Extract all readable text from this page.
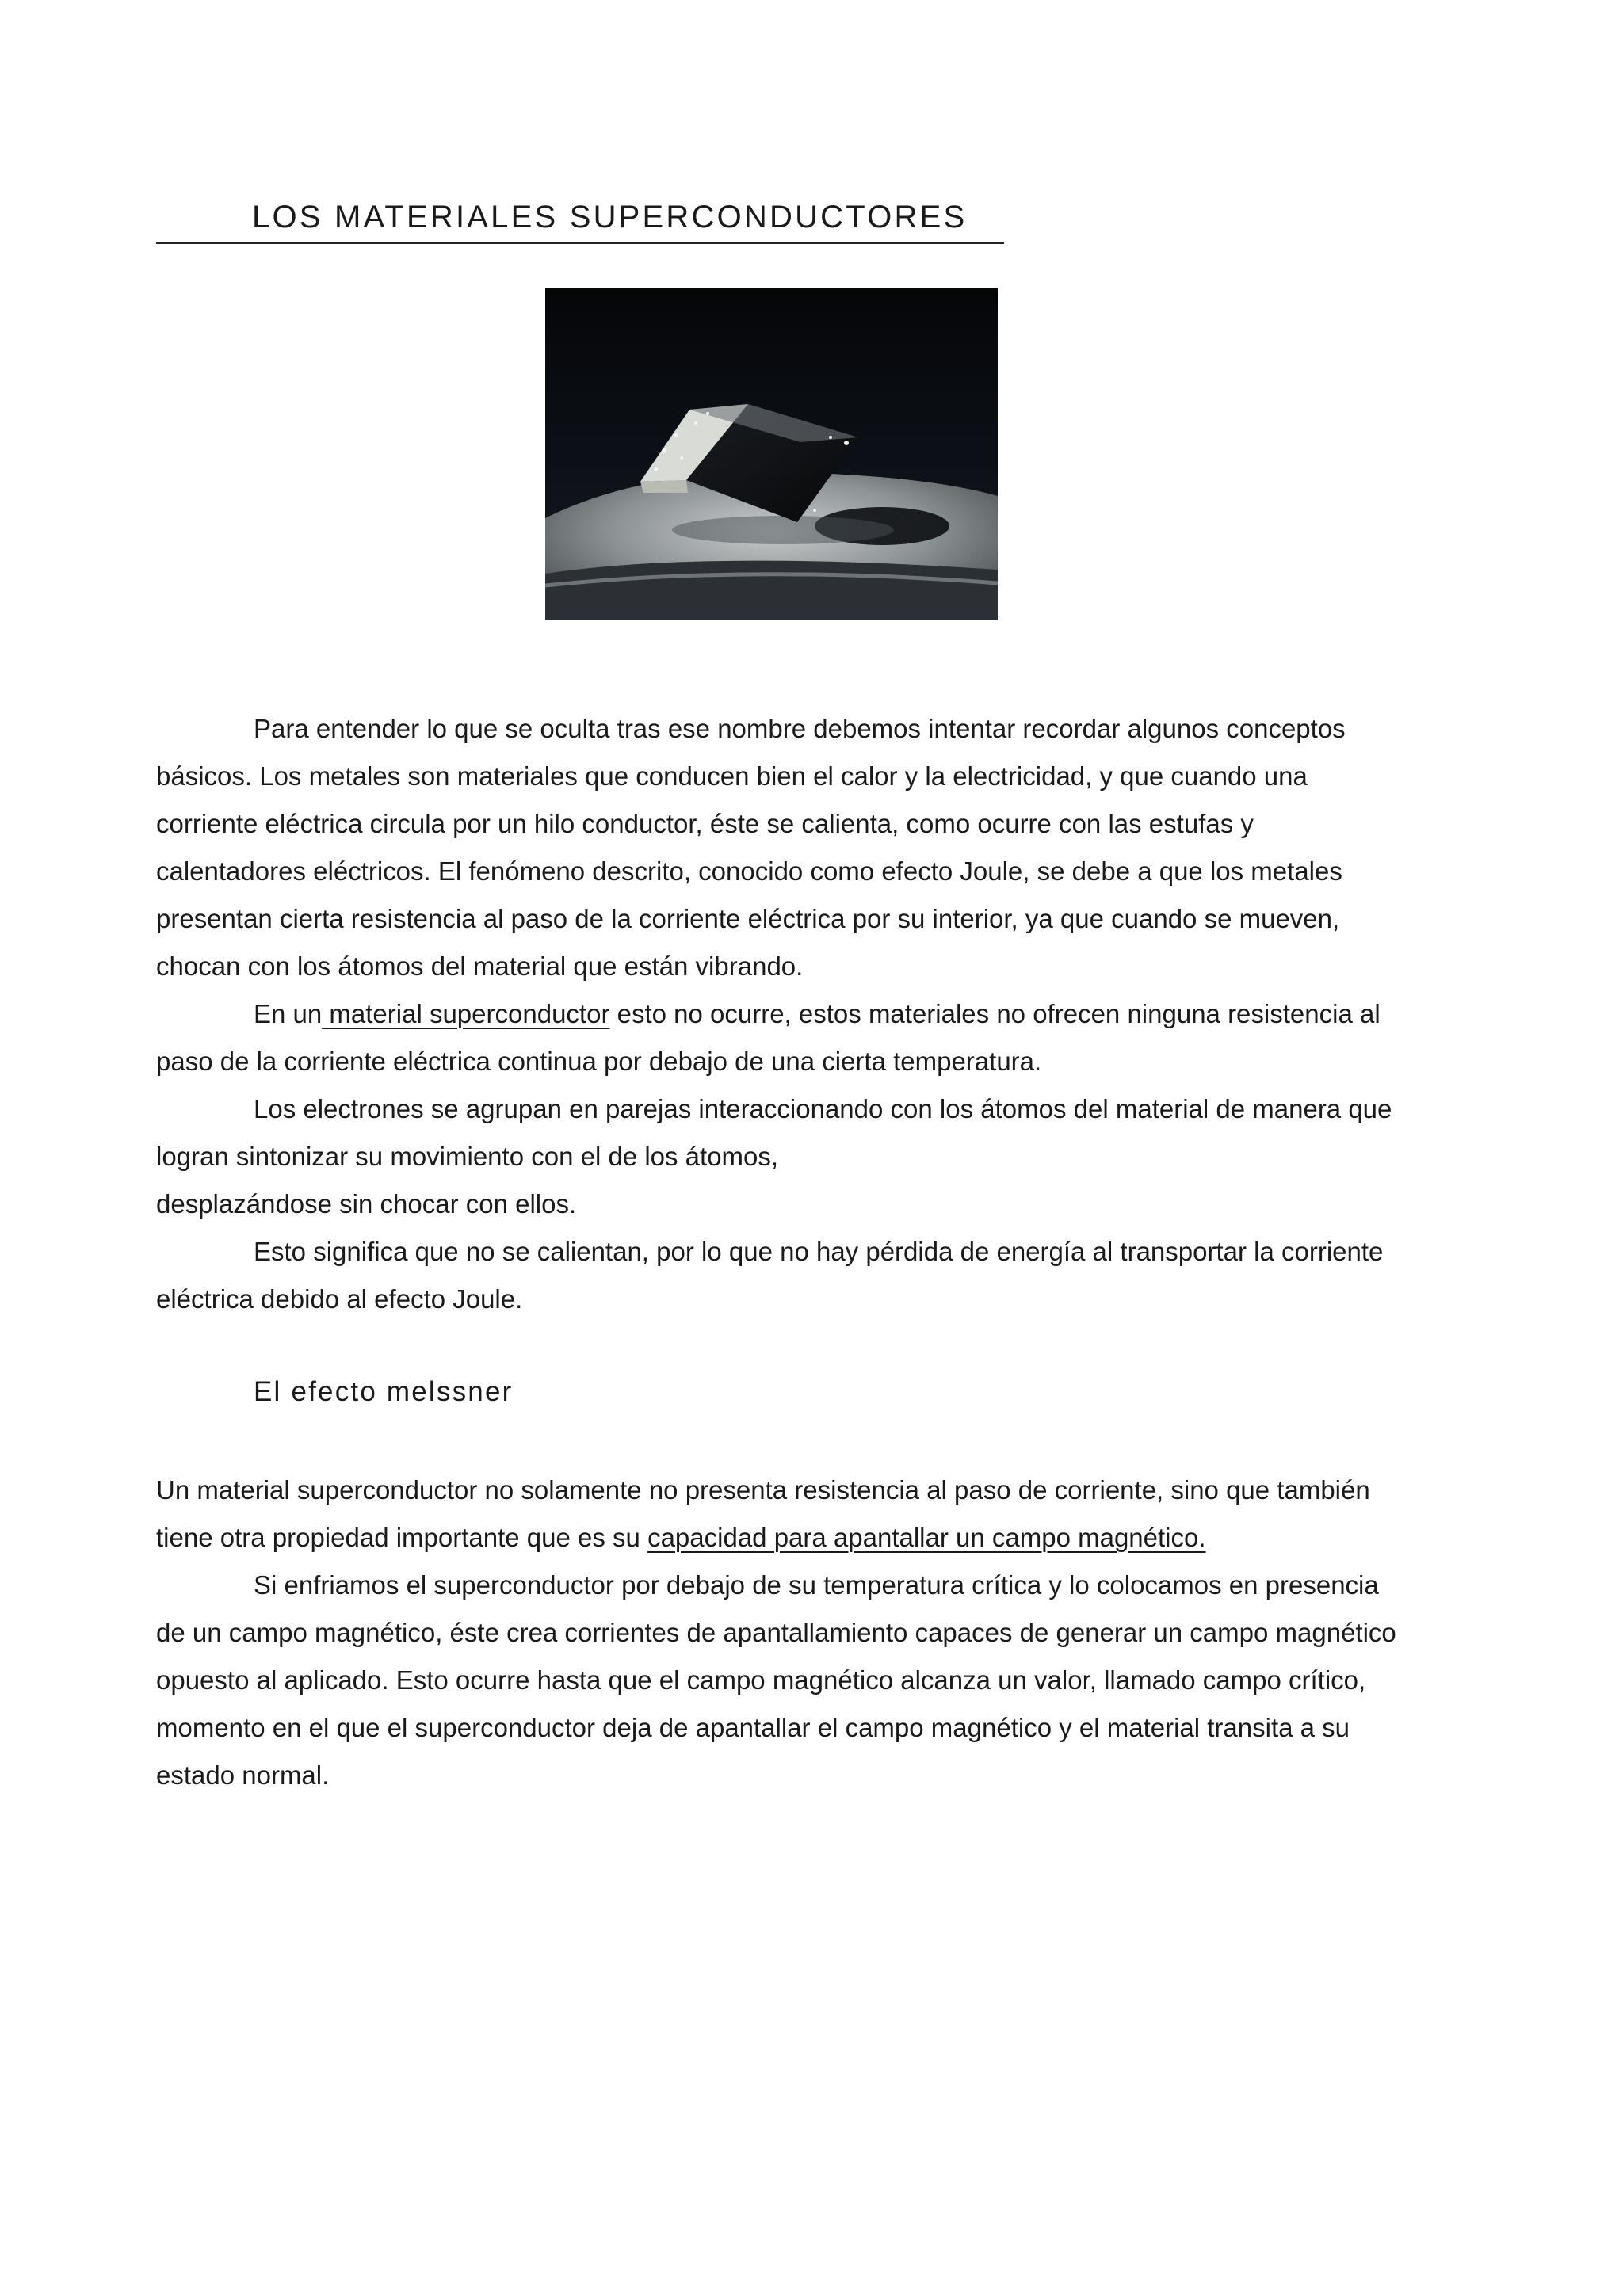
LOS MATERIALES SUPERCONDUCTORES
Para entender lo que se oculta tras ese nombre debemos intentar recordar algunos conceptos
básicos. Los metales son materiales que conducen bien el calor y la electricidad, y que cuando una
corriente eléctrica circula por un hilo conductor, éste se calienta, como ocurre con las estufas y
calentadores eléctricos. El fenómeno descrito, conocido como efecto Joule, se debe a que los metales
presentan cierta resistencia al paso de la corriente eléctrica por su interior, ya que cuando se mueven,
chocan con los átomos del material que están vibrando.
En un material superconductor esto no ocurre, estos materiales no ofrecen ninguna resistencia al
paso de la corriente eléctrica continua por debajo de una cierta temperatura.
Los electrones se agrupan en parejas interaccionando con los átomos del material de manera que
logran sintonizar su movimiento con el de los átomos,
desplazándose sin chocar con ellos.
Esto significa que no se calientan, por lo que no hay pérdida de energía al transportar la corriente
eléctrica debido al efecto Joule.
El efecto melssner
Un material superconductor no solamente no presenta resistencia al paso de corriente, sino que también
tiene otra propiedad importante que es su capacidad para apantallar un campo magnético.
Si enfriamos el superconductor por debajo de su temperatura crítica y lo colocamos en presencia
de un campo magnético, éste crea corrientes de apantallamiento capaces de generar un campo magnético
opuesto al aplicado. Esto ocurre hasta que el campo magnético alcanza un valor, llamado campo crítico,
momento en el que el superconductor deja de apantallar el campo magnético y el material transita a su
estado normal.
